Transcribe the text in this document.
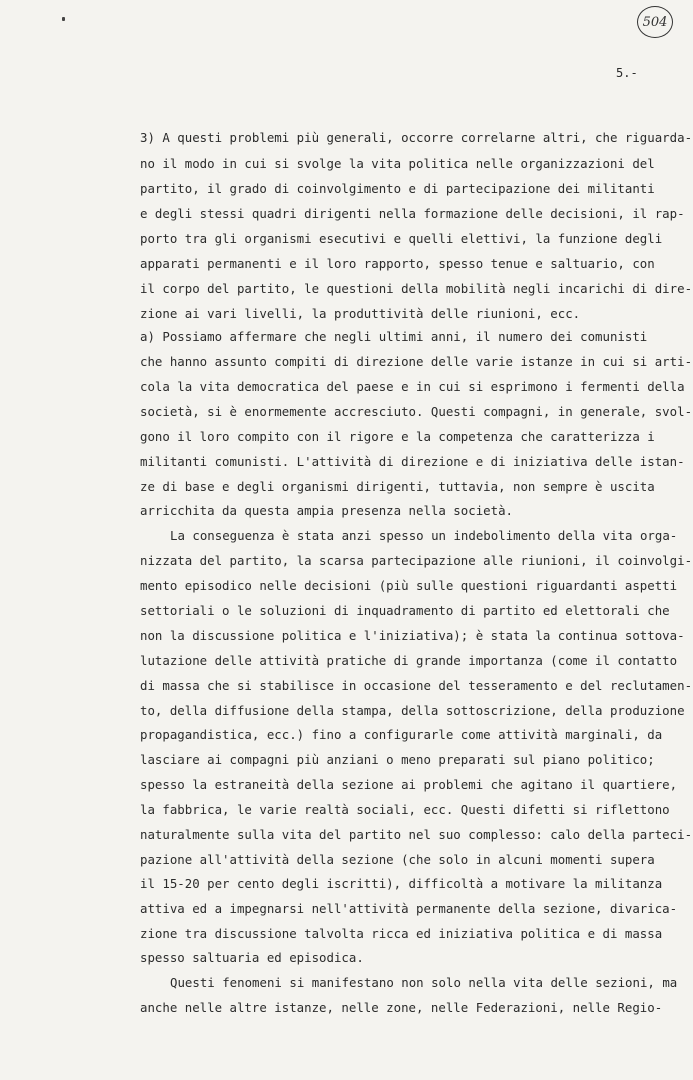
504
5.-
3) A questi problemi più generali, occorre correlarne altri, che riguarda-
no il modo in cui si svolge la vita politica nelle organizzazioni del
partito, il grado di coinvolgimento e di partecipazione dei militanti
e degli stessi quadri dirigenti nella formazione delle decisioni, il rap-
porto tra gli organismi esecutivi e quelli elettivi, la funzione degli
apparati permanenti e il loro rapporto, spesso tenue e saltuario, con
il corpo del partito, le questioni della mobilità negli incarichi di dire-
zione ai vari livelli, la produttività delle riunioni, ecc.
a) Possiamo affermare che negli ultimi anni, il numero dei comunisti
che hanno assunto compiti di direzione delle varie istanze in cui si arti-
cola la vita democratica del paese e in cui si esprimono i fermenti della
società, si è enormemente accresciuto. Questi compagni, in generale, svol-
gono il loro compito con il rigore e la competenza che caratterizza i
militanti comunisti. L'attività di direzione e di iniziativa delle istan-
ze di base e degli organismi dirigenti, tuttavia, non sempre è uscita
arricchita da questa ampia presenza nella società.
La conseguenza è stata anzi spesso un indebolimento della vita orga-
nizzata del partito, la scarsa partecipazione alle riunioni, il coinvolgi-
mento episodico nelle decisioni (più sulle questioni riguardanti aspetti
settoriali o le soluzioni di inquadramento di partito ed elettorali che
non la discussione politica e l'iniziativa); è stata la continua sottova-
lutazione delle attività pratiche di grande importanza (come il contatto
di massa che si stabilisce in occasione del tesseramento e del reclutamen-
to, della diffusione della stampa, della sottoscrizione, della produzione
propagandistica, ecc.) fino a configurarle come attività marginali, da
lasciare ai compagni più anziani o meno preparati sul piano politico;
spesso la estraneità della sezione ai problemi che agitano il quartiere,
la fabbrica, le varie realtà sociali, ecc. Questi difetti si riflettono
naturalmente sulla vita del partito nel suo complesso: calo della parteci-
pazione all'attività della sezione (che solo in alcuni momenti supera
il 15-20 per cento degli iscritti), difficoltà a motivare la militanza
attiva ed a impegnarsi nell'attività permanente della sezione, divarica-
zione tra discussione talvolta ricca ed iniziativa politica e di massa
spesso saltuaria ed episodica.
Questi fenomeni si manifestano non solo nella vita delle sezioni, ma
anche nelle altre istanze, nelle zone, nelle Federazioni, nelle Regio-
